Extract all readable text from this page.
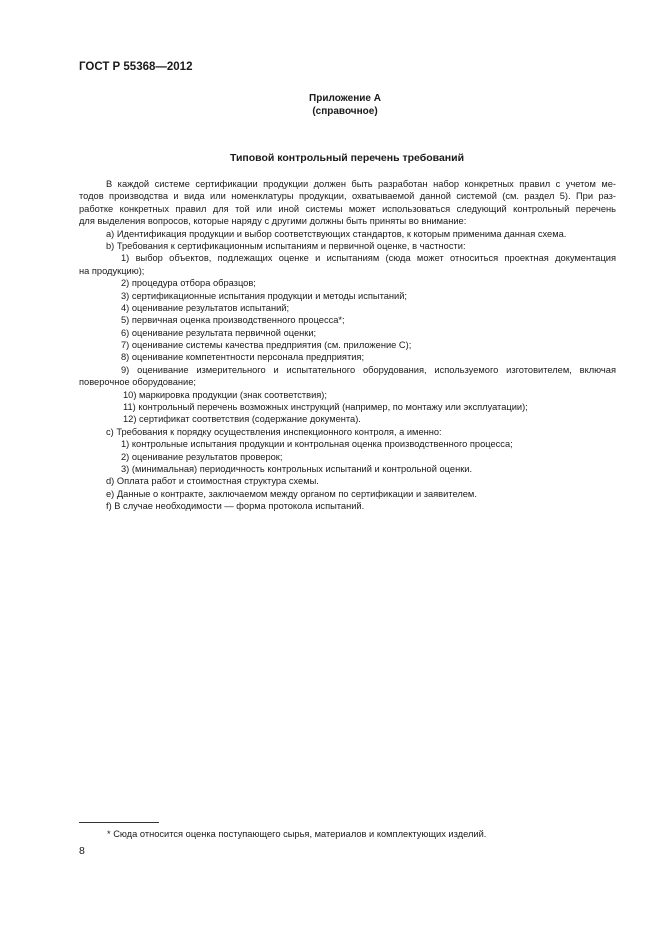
ГОСТ Р 55368—2012
Приложение А
(справочное)
Типовой контрольный перечень требований
В каждой системе сертификации продукции должен быть разработан набор конкретных правил с учетом ме-
тодов производства и вида или номенклатуры продукции, охватываемой данной системой (см. раздел 5). При раз-
работке конкретных правил для той или иной системы может использоваться следующий контрольный перечень
для выделения вопросов, которые наряду с другими должны быть приняты во внимание:
a) Идентификация продукции и выбор соответствующих стандартов, к которым применима данная схема.
b) Требования к сертификационным испытаниям и первичной оценке, в частности:
1) выбор объектов, подлежащих оценке и испытаниям (сюда может относиться проектная документация
на продукцию);
2) процедура отбора образцов;
3) сертификационные испытания продукции и методы испытаний;
4) оценивание результатов испытаний;
5) первичная оценка производственного процесса*;
6) оценивание результата первичной оценки;
7) оценивание системы качества предприятия (см. приложение С);
8) оценивание компетентности персонала предприятия;
9) оценивание измерительного и испытательного оборудования, используемого изготовителем, включая
поверочное оборудование;
10) маркировка продукции (знак соответствия);
11) контрольный перечень возможных инструкций (например, по монтажу или эксплуатации);
12) сертификат соответствия (содержание документа).
c) Требования к порядку осуществления инспекционного контроля, а именно:
1) контрольные испытания продукции и контрольная оценка производственного процесса;
2) оценивание результатов проверок;
3) (минимальная) периодичность контрольных испытаний и контрольной оценки.
d) Оплата работ и стоимостная структура схемы.
e) Данные о контракте, заключаемом между органом по сертификации и заявителем.
f) В случае необходимости — форма протокола испытаний.
* Сюда относится оценка поступающего сырья, материалов и комплектующих изделий.
8
